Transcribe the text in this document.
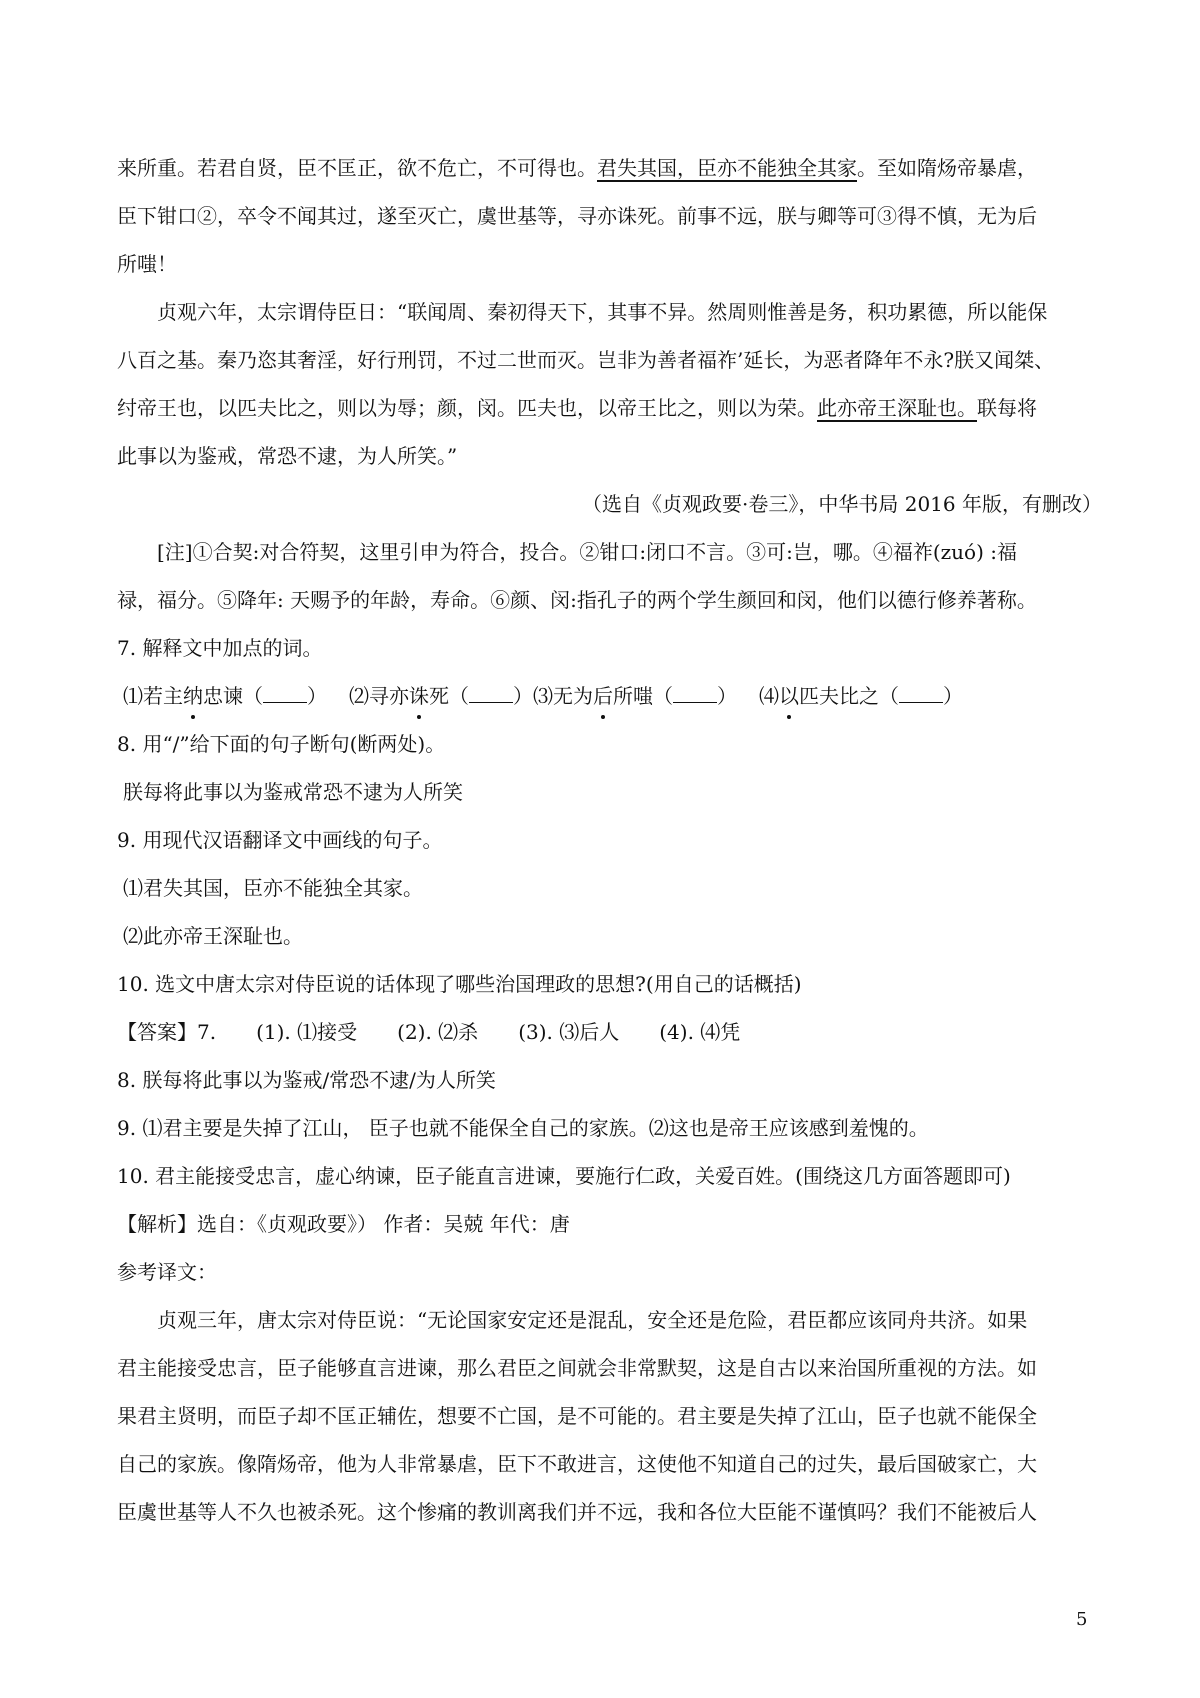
来所重。若君自贤，臣不匡正，欲不危亡，不可得也。君失其国，臣亦不能独全其家。至如隋炀帝暴虐，
臣下钳口②，卒令不闻其过，遂至灭亡，虞世基等，寻亦诛死。前事不远，朕与卿等可③得不慎，无为后
所嗤！
贞观六年，太宗谓侍臣日：“联闻周、秦初得天下，其事不异。然周则惟善是务，积功累德，所以能保
八百之基。秦乃恣其奢淫，好行刑罚，不过二世而灭。岂非为善者福祚’延长，为恶者降年不永?朕又闻桀、
纣帝王也，以匹夫比之，则以为辱；颜，闵。匹夫也，以帝王比之，则以为荣。此亦帝王深耻也。联每将
此事以为鉴戒，常恐不逮，为人所笑。”
（选自《贞观政要·卷三》，中华书局 2016 年版，有删改）
[注]①合契:对合符契，这里引申为符合，投合。②钳口:闭口不言。③可:岂，哪。④福祚(zuó) :福
禄，福分。⑤降年: 天赐予的年龄，寿命。⑥颜、闵:指孔子的两个学生颜回和闵，他们以德行修养著称。
7. 解释文中加点的词。
⑴若主纳忠谏（ ） ⑵寻亦诛死（ ）⑶无为后所嗤（ ） ⑷以匹夫比之（ ）
8. 用“/”给下面的句子断句(断两处)。
朕每将此事以为鉴戒常恐不逮为人所笑
9. 用现代汉语翻译文中画线的句子。
⑴君失其国，臣亦不能独全其家。
⑵此亦帝王深耻也。
10. 选文中唐太宗对侍臣说的话体现了哪些治国理政的思想?(用自己的话概括)
【答案】7. (1). ⑴接受 (2). ⑵杀 (3). ⑶后人 (4). ⑷凭
8. 朕每将此事以为鉴戒/常恐不逮/为人所笑
9. ⑴君主要是失掉了江山， 臣子也就不能保全自己的家族。⑵这也是帝王应该感到羞愧的。
10. 君主能接受忠言，虚心纳谏，臣子能直言进谏，要施行仁政，关爱百姓。(围绕这几方面答题即可)
【解析】选自：《贞观政要》） 作者：吴兢 年代：唐
参考译文：
贞观三年，唐太宗对侍臣说：“无论国家安定还是混乱，安全还是危险，君臣都应该同舟共济。如果
君主能接受忠言，臣子能够直言进谏，那么君臣之间就会非常默契，这是自古以来治国所重视的方法。如
果君主贤明，而臣子却不匡正辅佐，想要不亡国，是不可能的。君主要是失掉了江山，臣子也就不能保全
自己的家族。像隋炀帝，他为人非常暴虐，臣下不敢进言，这使他不知道自己的过失，最后国破家亡，大
臣虞世基等人不久也被杀死。这个惨痛的教训离我们并不远，我和各位大臣能不谨慎吗？我们不能被后人
5
